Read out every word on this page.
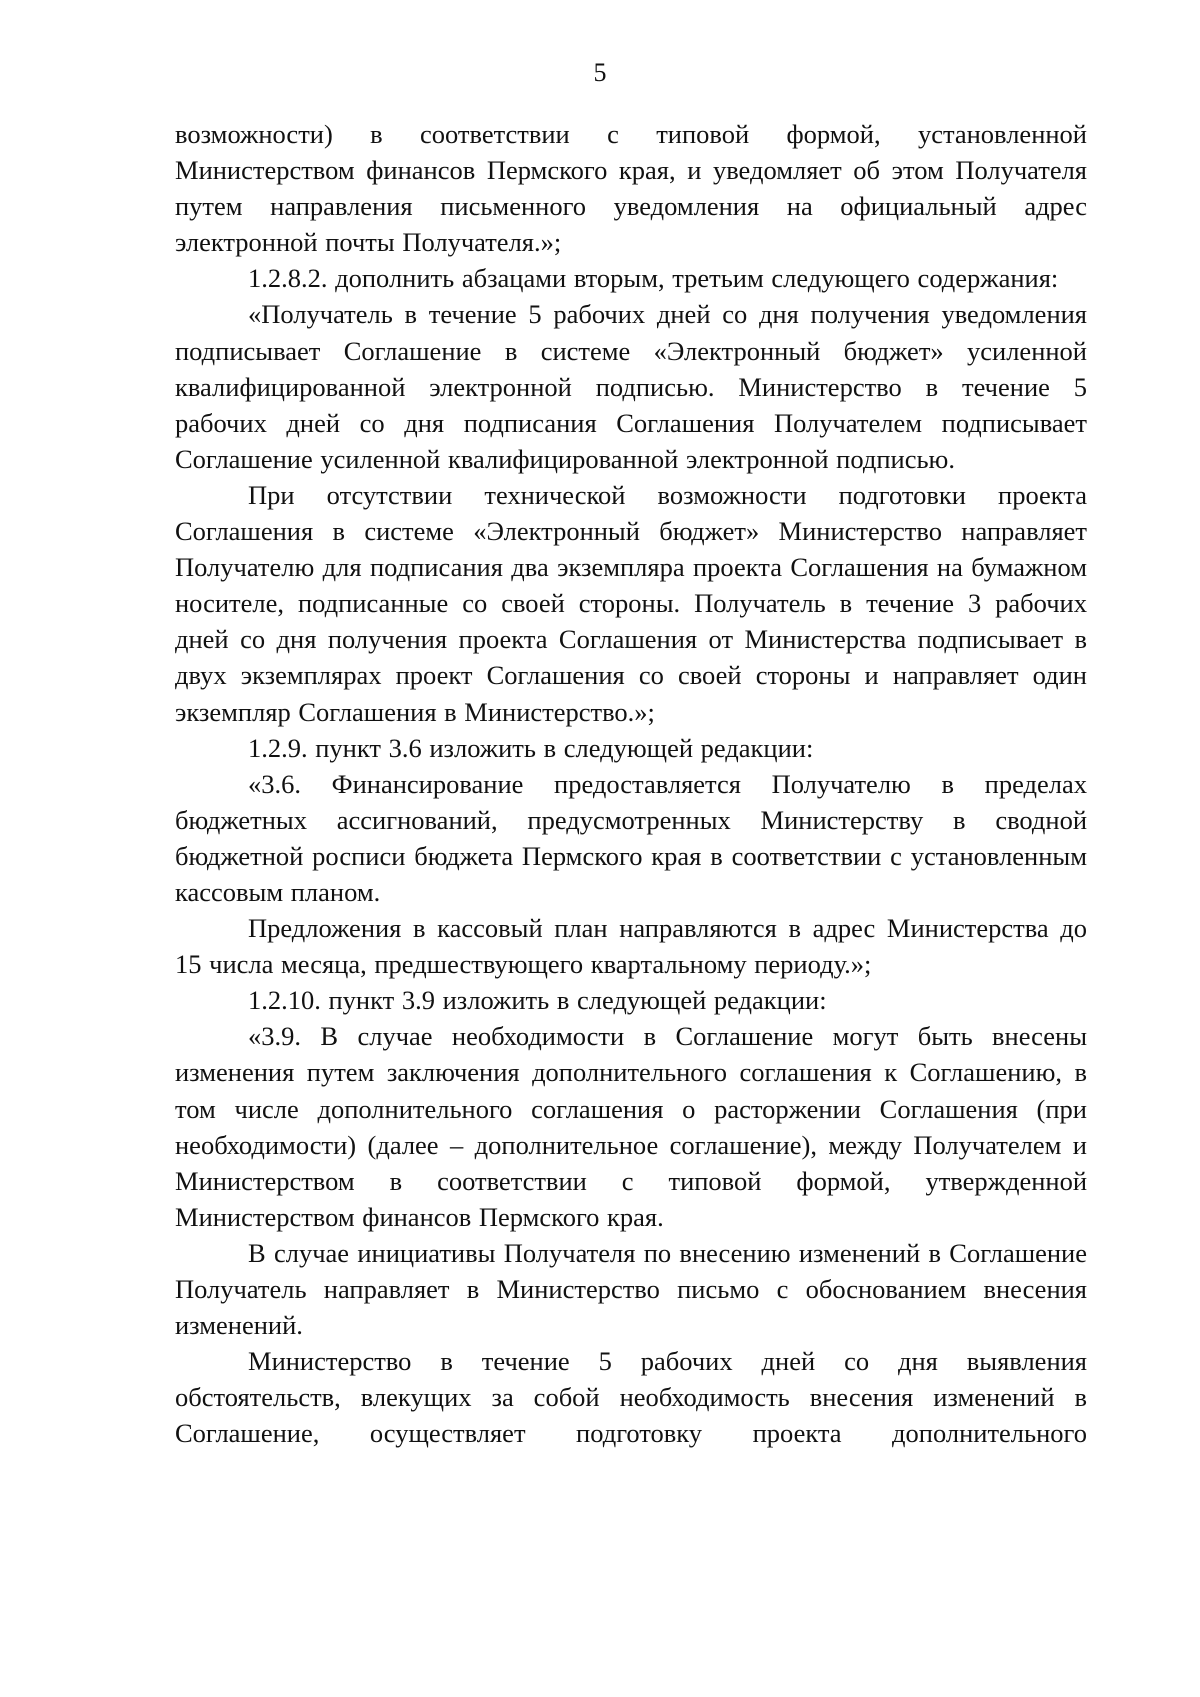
5

возможности) в соответствии с типовой формой, установленной Министерством финансов Пермского края, и уведомляет об этом Получателя путем направления письменного уведомления на официальный адрес электронной почты Получателя.»;

1.2.8.2. дополнить абзацами вторым, третьим следующего содержания:

«Получатель в течение 5 рабочих дней со дня получения уведомления подписывает Соглашение в системе «Электронный бюджет» усиленной квалифицированной электронной подписью. Министерство в течение 5 рабочих дней со дня подписания Соглашения Получателем подписывает Соглашение усиленной квалифицированной электронной подписью.

При отсутствии технической возможности подготовки проекта Соглашения в системе «Электронный бюджет» Министерство направляет Получателю для подписания два экземпляра проекта Соглашения на бумажном носителе, подписанные со своей стороны. Получатель в течение 3 рабочих дней со дня получения проекта Соглашения от Министерства подписывает в двух экземплярах проект Соглашения со своей стороны и направляет один экземпляр Соглашения в Министерство.»;

1.2.9. пункт 3.6 изложить в следующей редакции:

«3.6. Финансирование предоставляется Получателю в пределах бюджетных ассигнований, предусмотренных Министерству в сводной бюджетной росписи бюджета Пермского края в соответствии с установленным кассовым планом.

Предложения в кассовый план направляются в адрес Министерства до 15 числа месяца, предшествующего квартальному периоду.»;

1.2.10. пункт 3.9 изложить в следующей редакции:

«3.9. В случае необходимости в Соглашение могут быть внесены изменения путем заключения дополнительного соглашения к Соглашению, в том числе дополнительного соглашения о расторжении Соглашения (при необходимости) (далее – дополнительное соглашение), между Получателем и Министерством в соответствии с типовой формой, утвержденной Министерством финансов Пермского края.

В случае инициативы Получателя по внесению изменений в Соглашение Получатель направляет в Министерство письмо с обоснованием внесения изменений.

Министерство в течение 5 рабочих дней со дня выявления обстоятельств, влекущих за собой необходимость внесения изменений в Соглашение, осуществляет подготовку проекта дополнительного
